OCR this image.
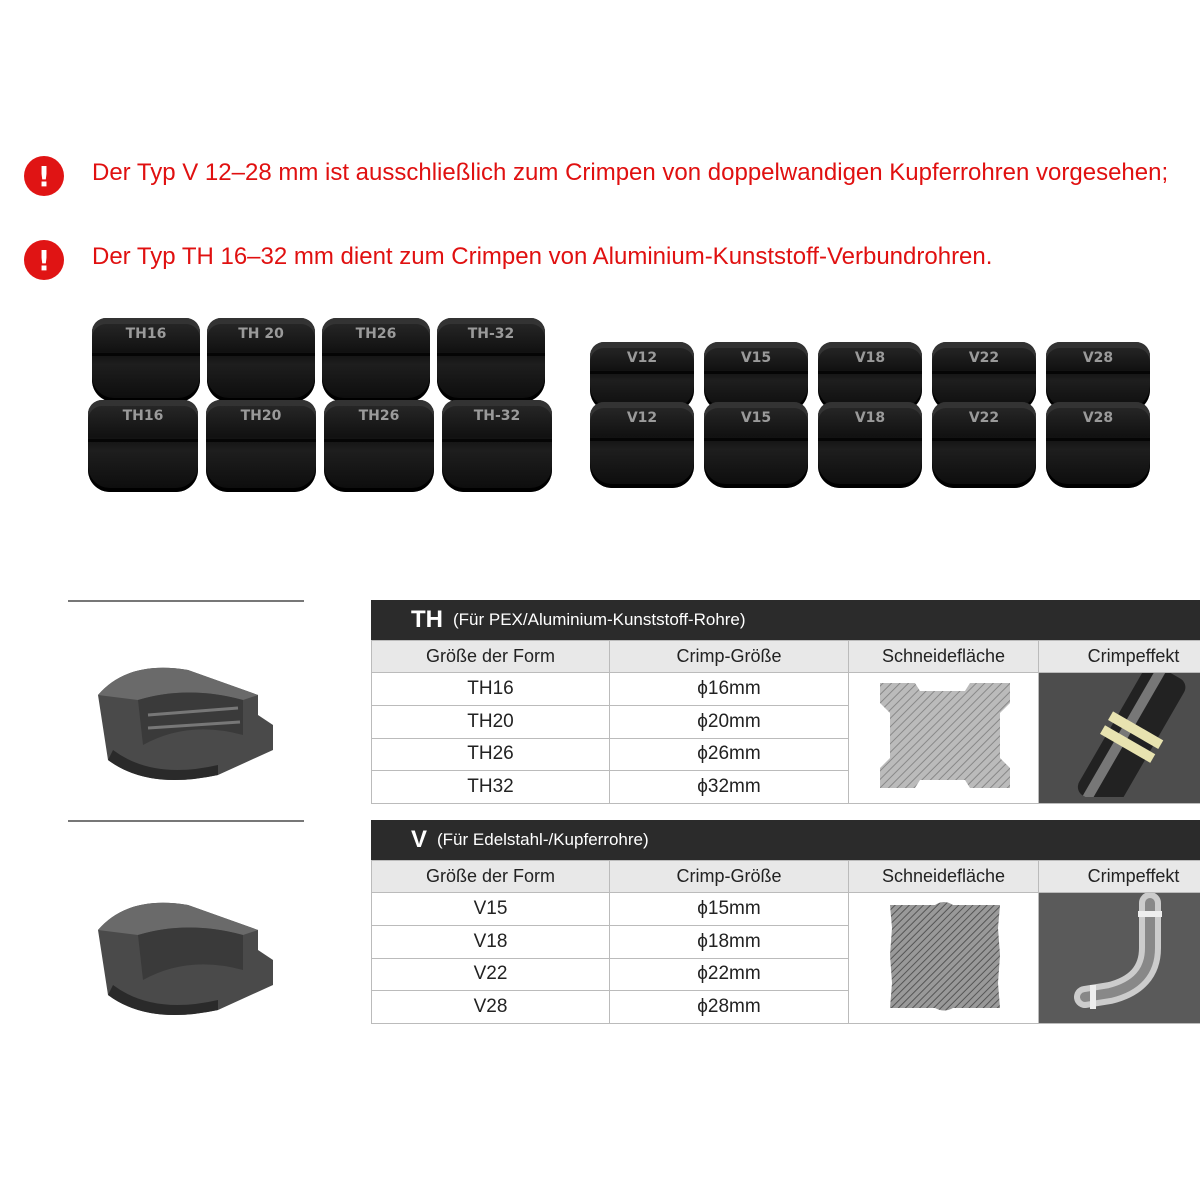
!	Der Typ V 12–28 mm ist ausschließlich zum Crimpen von doppelwandigen Kupferrohren vorgesehen;
!	Der Typ TH 16–32 mm dient zum Crimpen von Aluminium-Kunststoff-Verbundrohren.
TH16	TH 20	TH26	TH-32
TH16	TH20	TH26	TH-32
V12	V15	V18	V22	V28
V12	V15	V18	V22	V28
TH (Für PEX/Aluminium-Kunststoff-Rohre)
Größe der Form	Crimp-Größe	Schneidefläche	Crimpeffekt
TH16	ϕ16mm		
TH20	ϕ20mm		
TH26	ϕ26mm		
TH32	ϕ32mm		
V (Für Edelstahl-/Kupferrohre)
Größe der Form	Crimp-Größe	Schneidefläche	Crimpeffekt
V15	ϕ15mm		
V18	ϕ18mm		
V22	ϕ22mm		
V28	ϕ28mm		
